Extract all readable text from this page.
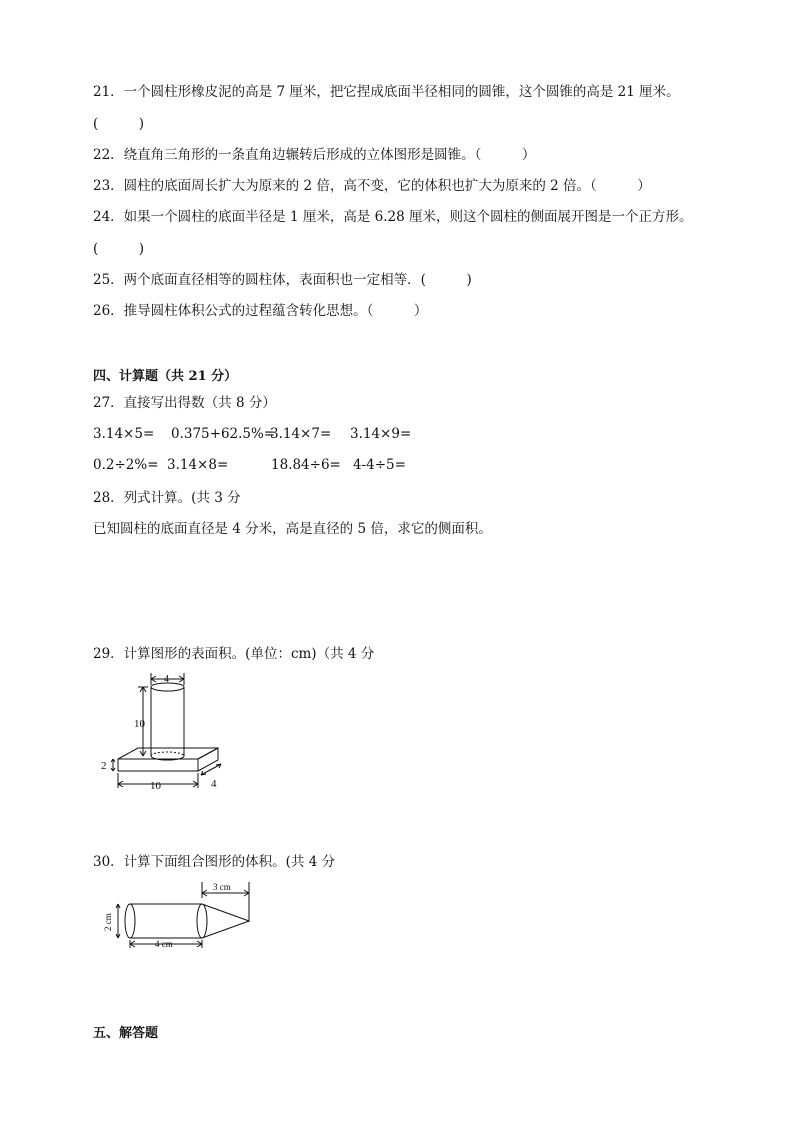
21．一个圆柱形橡皮泥的高是 7 厘米，把它捏成底面半径相同的圆锥，这个圆锥的高是 21 厘米。
(　　　)
22．绕直角三角形的一条直角边辗转后形成的立体图形是圆锥。（　　　）
23．圆柱的底面周长扩大为原来的 2 倍，高不变，它的体积也扩大为原来的 2 倍。（　　　）
24．如果一个圆柱的底面半径是 1 厘米，高是 6.28 厘米，则这个圆柱的侧面展开图是一个正方形。
(　　　)
25．两个底面直径相等的圆柱体，表面积也一定相等．(　　　)
26．推导圆柱体积公式的过程蕴含转化思想。（　　　）
四、计算题（共 21 分）
27．直接写出得数（共 8 分）
3.14×5= 0.375+62.5%=
3.14×7= 3.14×9=
0.2÷2%= 3.14×8=	18.84÷6= 4-4÷5=
28．列式计算。(共 3 分
已知圆柱的底面直径是 4 分米，高是直径的 5 倍，求它的侧面积。
29．计算图形的表面积。(单位：cm)（共 4 分
4
10
2
10	4
30．计算下面组合图形的体积。(共 4 分
3 cm
2 cm
4 cm
五、解答题
